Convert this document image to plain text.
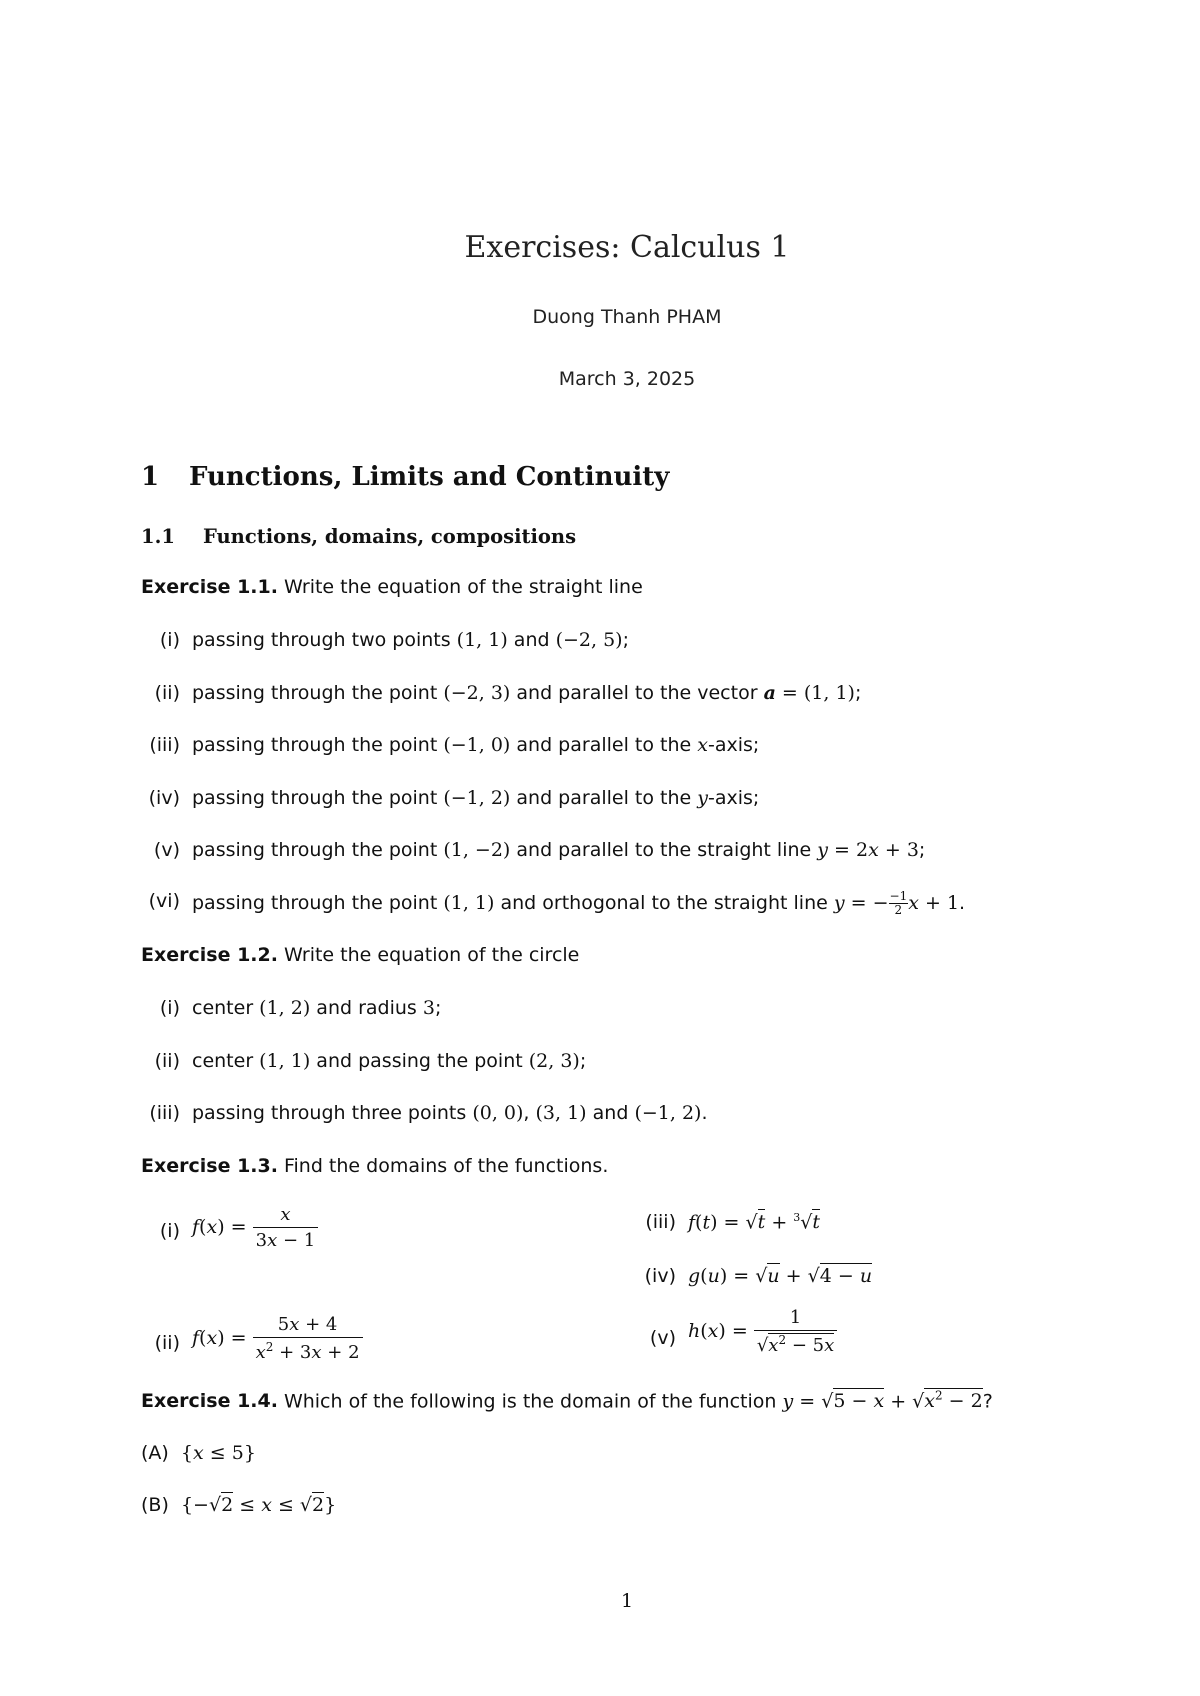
Exercises: Calculus 1
Duong Thanh PHAM
March 3, 2025
1 Functions, Limits and Continuity
1.1 Functions, domains, compositions
Exercise 1.1. Write the equation of the straight line
(i) passing through two points (1, 1) and (−2, 5);
(ii) passing through the point (−2, 3) and parallel to the vector a = (1, 1);
(iii) passing through the point (−1, 0) and parallel to the x-axis;
(iv) passing through the point (−1, 2) and parallel to the y-axis;
(v) passing through the point (1, −2) and parallel to the straight line y = 2x + 3;
(vi) passing through the point (1, 1) and orthogonal to the straight line y = − $\frac{-1}{2}$ x + 1.
Exercise 1.2. Write the equation of the circle
(i) center (1, 2) and radius 3;
(ii) center (1, 1) and passing the point (2, 3);
(iii) passing through three points (0, 0), (3, 1) and (−1, 2).
Exercise 1.3. Find the domains of the functions.
(i) $f(x) = \frac{x}{3x - 1}$
(ii) $f(x) = \frac{5x + 4}{x^2 + 3x + 2}$
(iii) f(t) = √t + $^3$√t
(iv) g(u) = √u + √4 − u
(v) $h(x) = \frac{1}{√x^2 - 5x}$
Exercise 1.4. Which of the following is the domain of the function $y = √5 - x + √x^2 - 2$?
(A)  {x ≤ 5}
(B)  {−√2 ≤ x ≤ √2}
1
